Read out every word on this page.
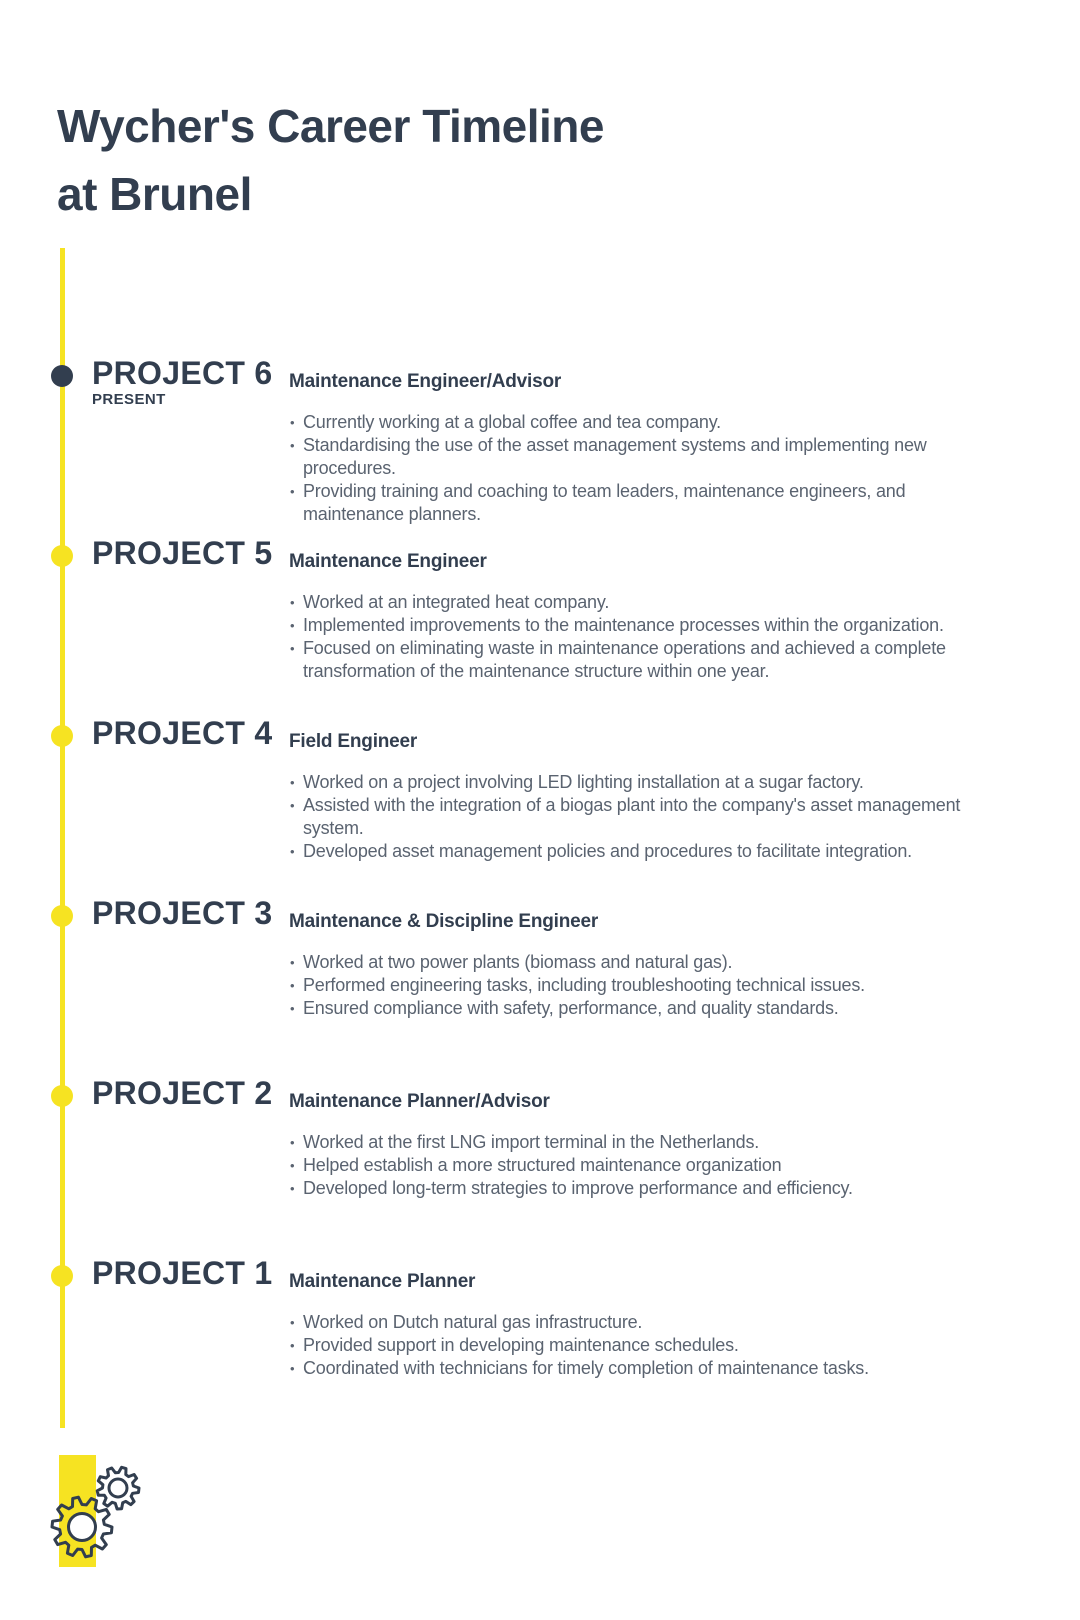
Wycher's Career Timeline
at Brunel
PROJECT 6
PRESENT
Maintenance Engineer/Advisor
• Currently working at a global coffee and tea company.
• Standardising the use of the asset management systems and implementing new procedures.
• Providing training and coaching to team leaders, maintenance engineers, and maintenance planners.
PROJECT 5 Maintenance Engineer
• Worked at an integrated heat company.
• Implemented improvements to the maintenance processes within the organization.
• Focused on eliminating waste in maintenance operations and achieved a complete transformation of the maintenance structure within one year.
PROJECT 4 Field Engineer
• Worked on a project involving LED lighting installation at a sugar factory.
• Assisted with the integration of a biogas plant into the company's asset management system.
• Developed asset management policies and procedures to facilitate integration.
PROJECT 3 Maintenance & Discipline Engineer
• Worked at two power plants (biomass and natural gas).
• Performed engineering tasks, including troubleshooting technical issues.
• Ensured compliance with safety, performance, and quality standards.
PROJECT 2 Maintenance Planner/Advisor
• Worked at the first LNG import terminal in the Netherlands.
• Helped establish a more structured maintenance organization
• Developed long-term strategies to improve performance and efficiency.
PROJECT 1 Maintenance Planner
• Worked on Dutch natural gas infrastructure.
• Provided support in developing maintenance schedules.
• Coordinated with technicians for timely completion of maintenance tasks.
